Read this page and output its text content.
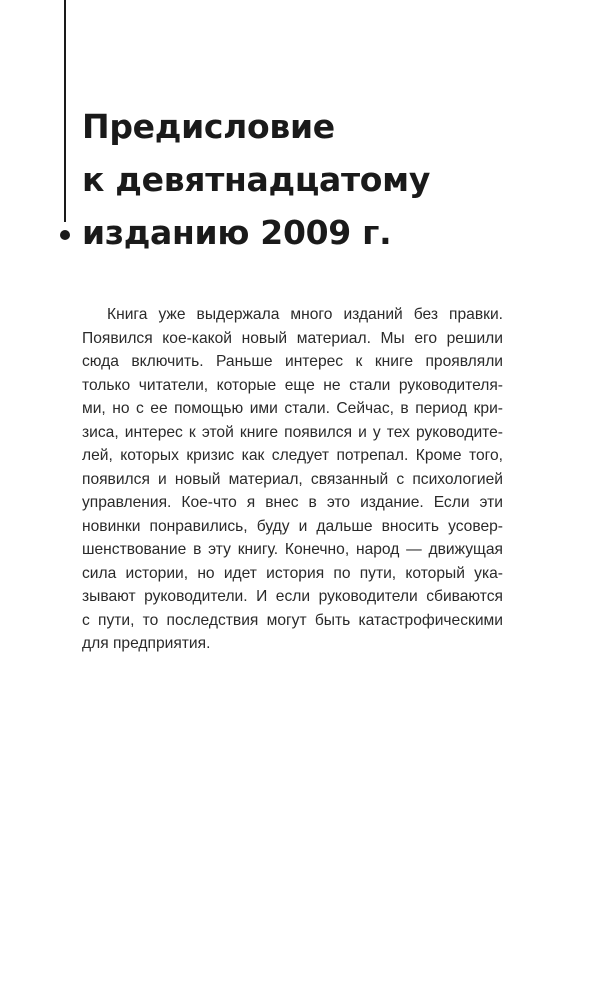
Предисловие
к девятнадцатому
изданию 2009 г.
Книга уже выдержала много изданий без правки.
Появился кое-какой новый материал. Мы его решили
сюда включить. Раньше интерес к книге проявляли
только читатели, которые еще не стали руководителя-
ми, но с ее помощью ими стали. Сейчас, в период кри-
зиса, интерес к этой книге появился и у тех руководите-
лей, которых кризис как следует потрепал. Кроме того,
появился и новый материал, связанный с психологией
управления. Кое-что я внес в это издание. Если эти
новинки понравились, буду и дальше вносить усовер-
шенствование в эту книгу. Конечно, народ — движущая
сила истории, но идет история по пути, который ука-
зывают руководители. И если руководители сбиваются
с пути, то последствия могут быть катастрофическими
для предприятия.
